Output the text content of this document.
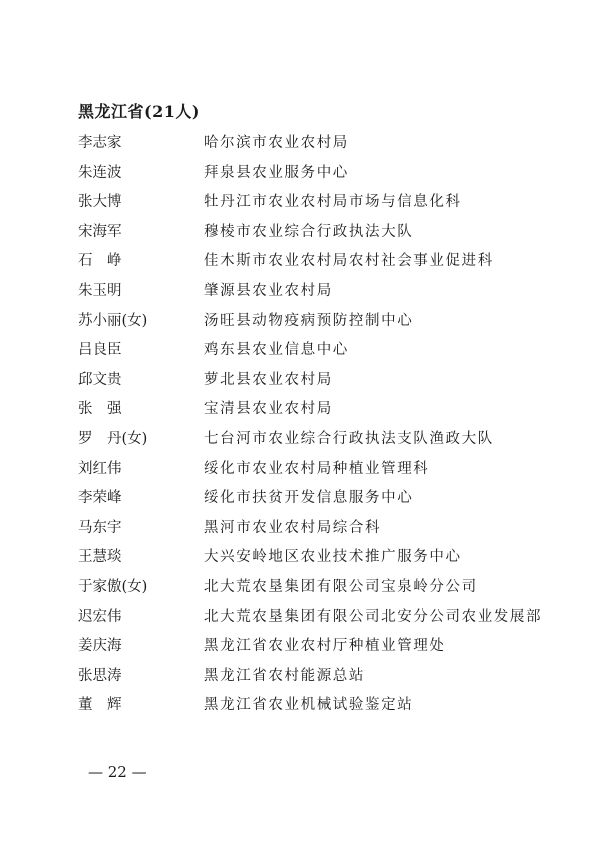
黑龙江省(21人)
李志家	哈尔滨市农业农村局
朱连波	拜泉县农业服务中心
张大博	牡丹江市农业农村局市场与信息化科
宋海军	穆棱市农业综合行政执法大队
石　峥	佳木斯市农业农村局农村社会事业促进科
朱玉明	肇源县农业农村局
苏小丽(女)	汤旺县动物疫病预防控制中心
吕良臣	鸡东县农业信息中心
邱文贵	萝北县农业农村局
张　强	宝清县农业农村局
罗　丹(女)	七台河市农业综合行政执法支队渔政大队
刘红伟	绥化市农业农村局种植业管理科
李荣峰	绥化市扶贫开发信息服务中心
马东宇	黑河市农业农村局综合科
王慧琰	大兴安岭地区农业技术推广服务中心
于家傲(女)	北大荒农垦集团有限公司宝泉岭分公司
迟宏伟	北大荒农垦集团有限公司北安分公司农业发展部
姜庆海	黑龙江省农业农村厅种植业管理处
张思涛	黑龙江省农村能源总站
董　辉	黑龙江省农业机械试验鉴定站
— 22 —
